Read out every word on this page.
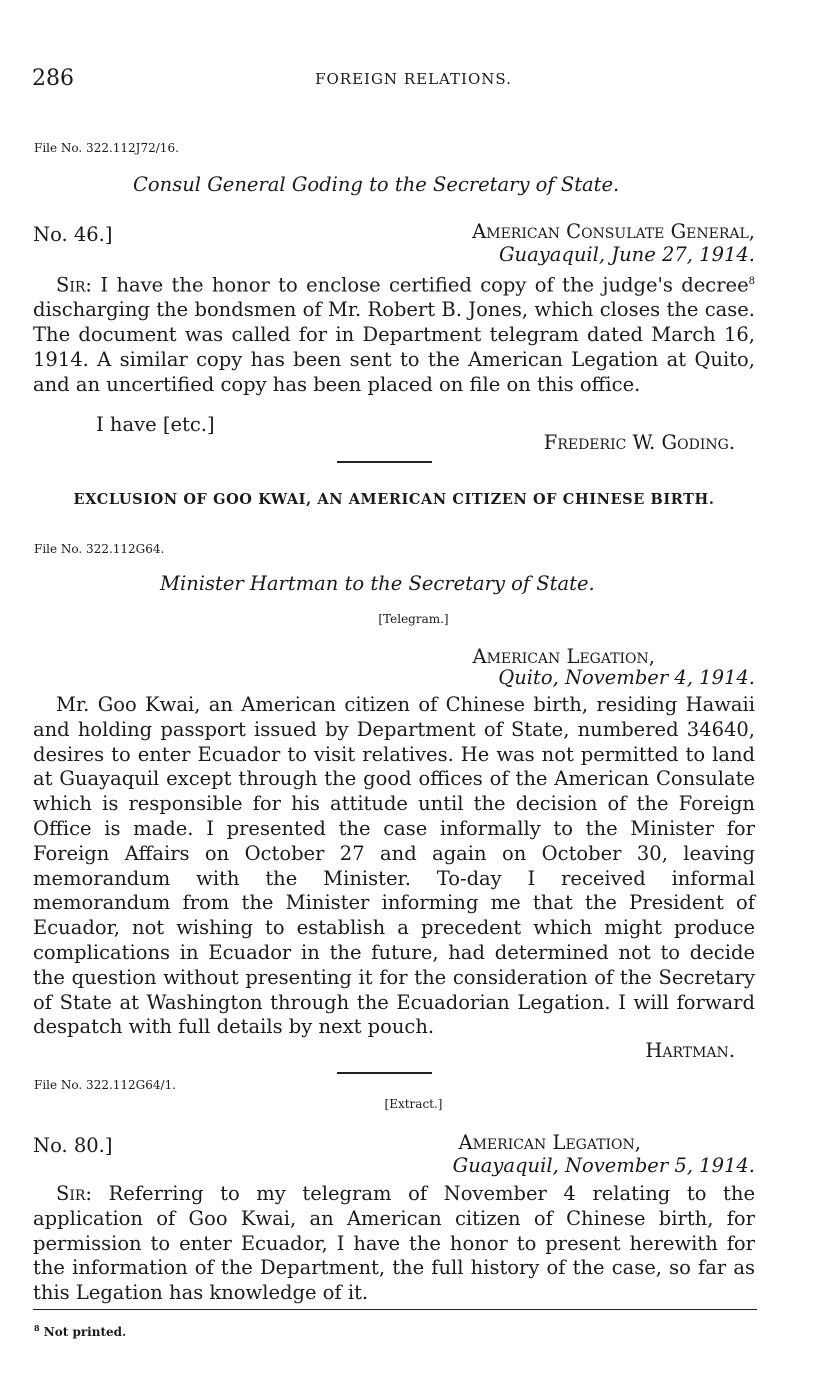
286	FOREIGN RELATIONS.
File No. 322.112J72/16.
Consul General Goding to the Secretary of State.
No. 46.]	American Consulate General,
Guayaquil, June 27, 1914.
Sir: I have the honor to enclose certified copy of the judge's decree$^8$ discharging the bondsmen of Mr. Robert B. Jones, which closes the case. The document was called for in Department telegram dated March 16, 1914. A similar copy has been sent to the American Legation at Quito, and an uncertified copy has been placed on file on this office.
I have [etc.]
Frederic W. Goding.
EXCLUSION OF GOO KWAI, AN AMERICAN CITIZEN OF CHINESE BIRTH.
File No. 322.112G64.
Minister Hartman to the Secretary of State.
[Telegram.]
American Legation,
Quito, November 4, 1914.
Mr. Goo Kwai, an American citizen of Chinese birth, residing Hawaii and holding passport issued by Department of State, numbered 34640, desires to enter Ecuador to visit relatives. He was not permitted to land at Guayaquil except through the good offices of the American Consulate which is responsible for his attitude until the decision of the Foreign Office is made. I presented the case informally to the Minister for Foreign Affairs on October 27 and again on October 30, leaving memorandum with the Minister. To-day I received informal memorandum from the Minister informing me that the President of Ecuador, not wishing to establish a precedent which might produce complications in Ecuador in the future, had determined not to decide the question without presenting it for the consideration of the Secretary of State at Washington through the Ecuadorian Legation. I will forward despatch with full details by next pouch.
Hartman.
File No. 322.112G64/1.
[Extract.]
No. 80.]	American Legation,
Guayaquil, November 5, 1914.
Sir: Referring to my telegram of November 4 relating to the application of Goo Kwai, an American citizen of Chinese birth, for permission to enter Ecuador, I have the honor to present herewith for the information of the Department, the full history of the case, so far as this Legation has knowledge of it.
$^8$ Not printed.
